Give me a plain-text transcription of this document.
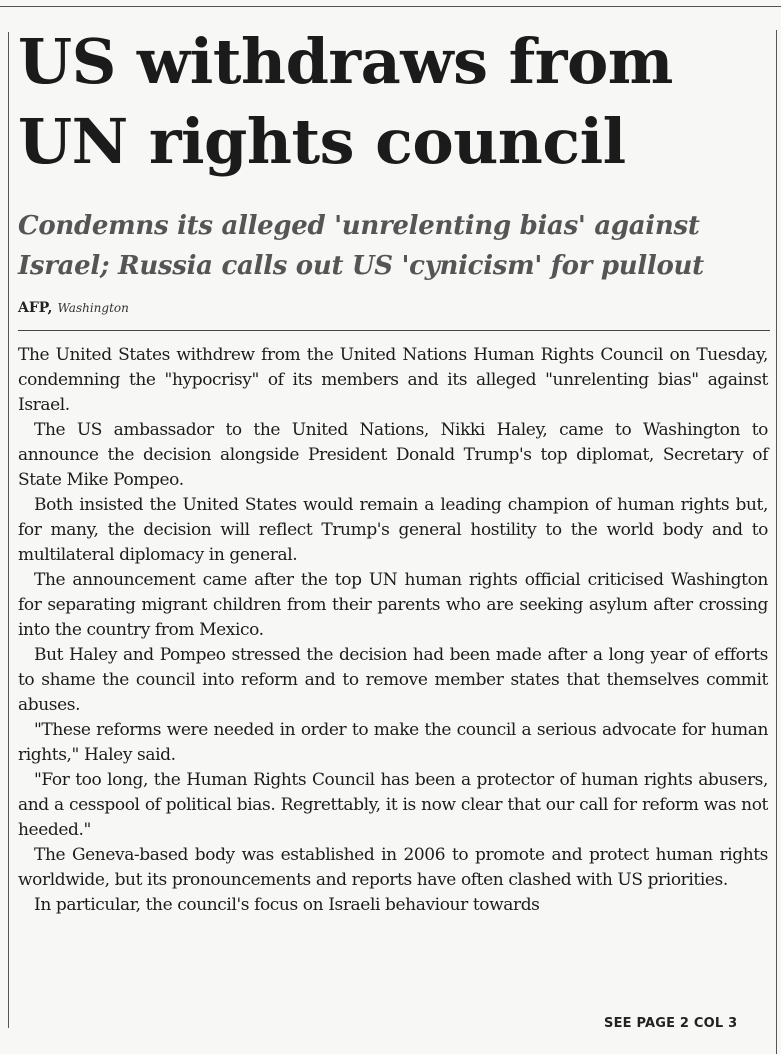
US withdraws from UN rights council
Condemns its alleged 'unrelenting bias' against Israel; Russia calls out US 'cynicism' for pullout
AFP, Washington

The United States withdrew from the United Nations Human Rights Council on Tuesday, condemning the "hypocrisy" of its members and its alleged "unrelenting bias" against Israel.

The US ambassador to the United Nations, Nikki Haley, came to Washington to announce the decision alongside President Donald Trump's top diplomat, Secretary of State Mike Pompeo.

Both insisted the United States would remain a leading champion of human rights but, for many, the decision will reflect Trump's general hostility to the world body and to multilateral diplomacy in general.

The announcement came after the top UN human rights official criticised Washington for separating migrant children from their parents who are seeking asylum after crossing into the country from Mexico.

But Haley and Pompeo stressed the decision had been made after a long year of efforts to shame the council into reform and to remove member states that themselves commit abuses.

"These reforms were needed in order to make the council a serious advocate for human rights," Haley said.

"For too long, the Human Rights Council has been a protector of human rights abusers, and a cesspool of political bias. Regrettably, it is now clear that our call for reform was not heeded."

The Geneva-based body was established in 2006 to promote and protect human rights worldwide, but its pronouncements and reports have often clashed with US priorities.

In particular, the council's focus on Israeli behaviour towards

SEE PAGE 2 COL 3
